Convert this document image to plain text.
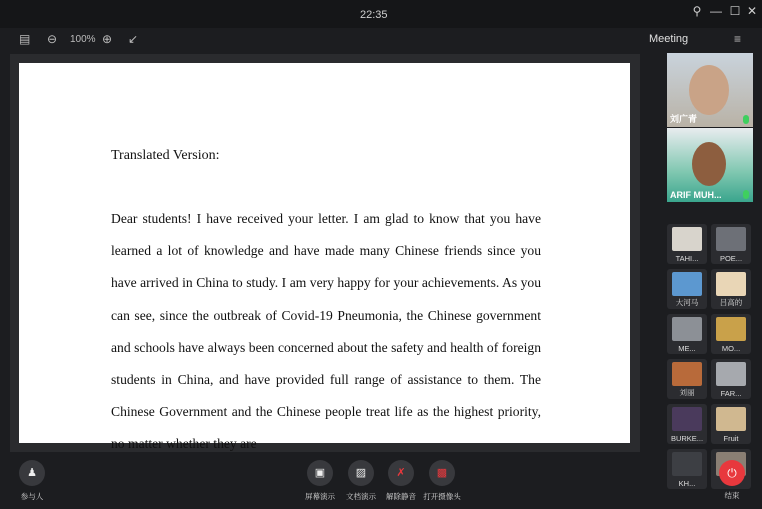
22:35	⚲ — ☐ ✕
▤ ⊖ 100% ⊕ ↙
Translated Version:
Dear students! I have received your letter. I am glad to know that you have learned a lot of knowledge and have made many Chinese friends since you have arrived in China to study. I am very happy for your achievements. As you can see, since the outbreak of Covid-19 Pneumonia, the Chinese government and schools have always been concerned about the safety and health of foreign students in China, and have provided full range of assistance to them. The Chinese Government and the Chinese people treat life as the highest priority, no matter whether they are
Meeting	≡
刘广青
ARIF MUH...
TAHI...	POE...
大河马	吕高的
ME...	MO...
刘丽	FAR...
BURKE...	Fruit
KH...
♟
参与人
▣
屏幕演示
▨
文档演示
✗
解除静音
▩
打开摄像头
⏻
结束
